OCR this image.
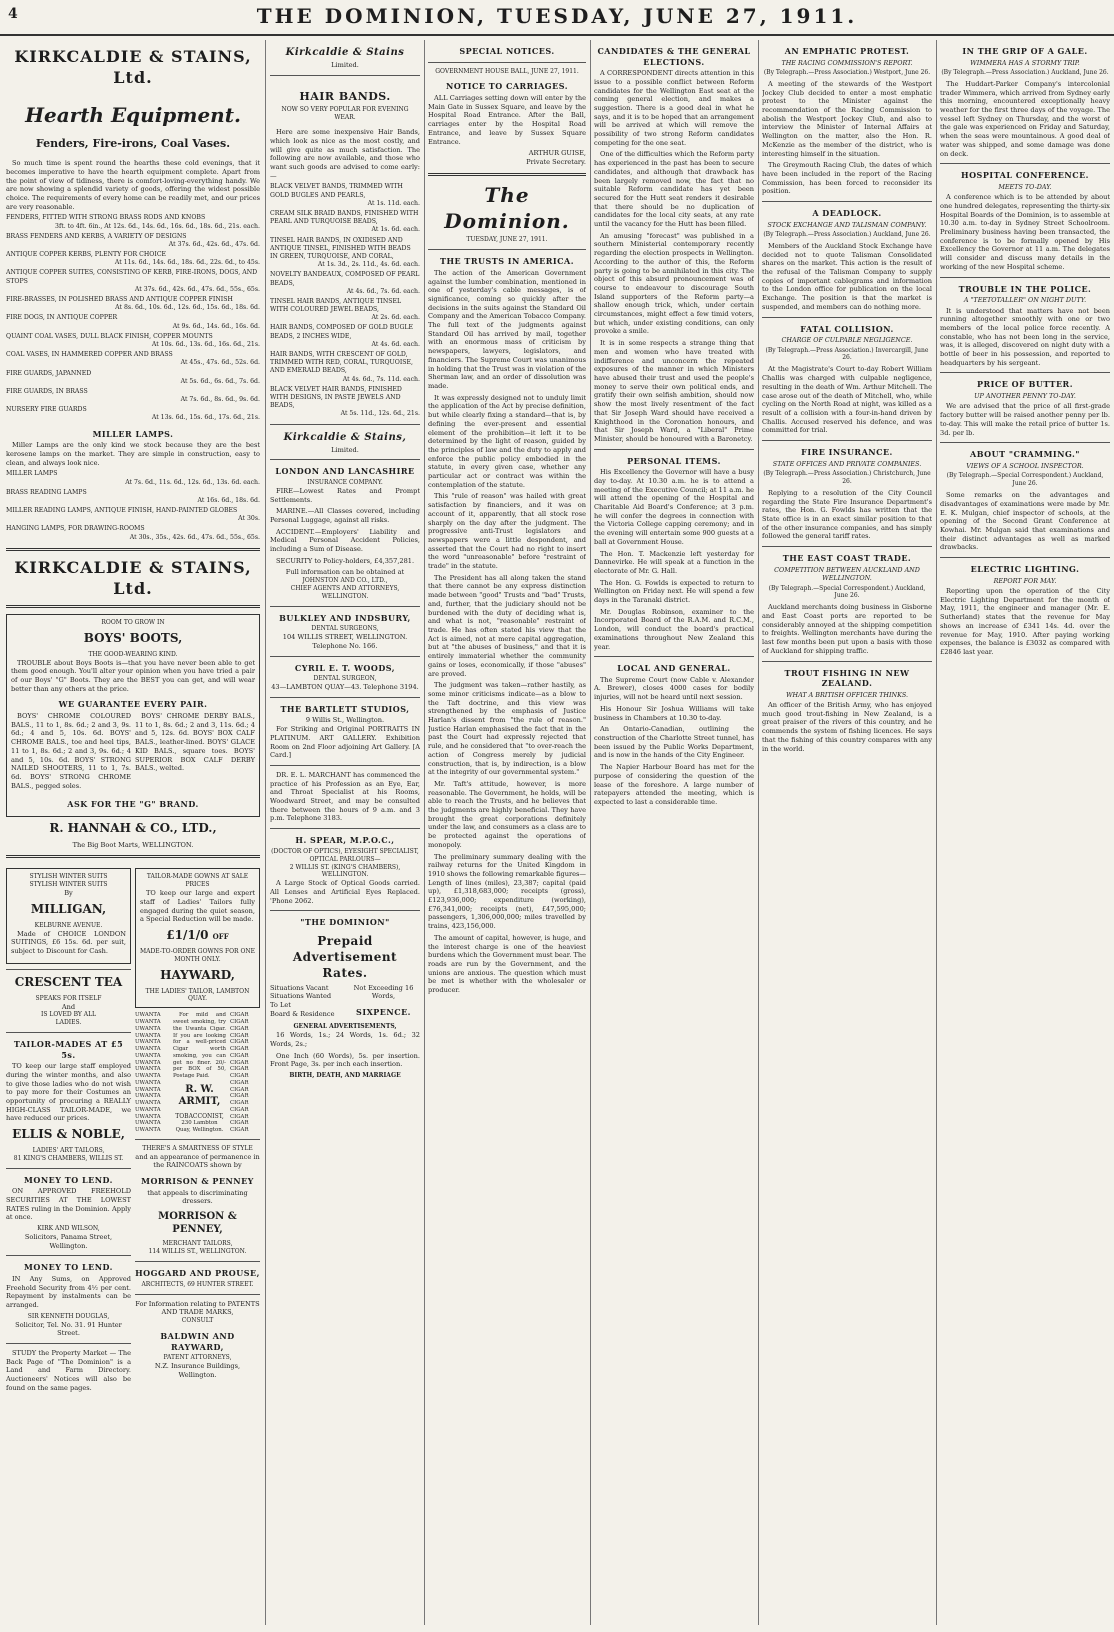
4	THE DOMINION, TUESDAY, JUNE 27, 1911.
KIRKCALDIE & STAINS, Ltd.
Hearth Equipment.
Fenders, Fire-irons, Coal Vases.

So much time is spent round the hearths these cold evenings, that it becomes imperative to have the hearth equipment complete. Apart from the point of view of tidiness, there is comfort-loving-everything handy. We are now showing a splendid variety of goods, offering the widest possible choice. The requirements of every home can be readily met, and our prices are very reasonable.

FENDERS, FITTED WITH STRONG BRASS RODS AND KNOBS
3ft. to 4ft. 6in., At 12s. 6d., 14s. 6d., 16s. 6d., 18s. 6d., 21s. each.
BRASS FENDERS AND KERBS, A VARIETY OF DESIGNS
At 37s. 6d., 42s. 6d., 47s. 6d.
ANTIQUE COPPER KERBS, PLENTY FOR CHOICE
At 11s. 6d., 14s. 6d., 18s. 6d., 22s. 6d., to 45s.
ANTIQUE COPPER SUITES, CONSISTING OF KERB, FIRE-IRONS, DOGS, AND STOPS
At 37s. 6d., 42s. 6d., 47s. 6d., 55s., 65s.
FIRE-BRASSES, IN POLISHED BRASS AND ANTIQUE COPPER FINISH
At 8s. 6d., 10s. 6d., 12s. 6d., 15s. 6d., 18s. 6d.
FIRE DOGS, IN ANTIQUE COPPER
At 9s. 6d., 14s. 6d., 16s. 6d.
QUAINT COAL VASES, DULL BLACK FINISH, COPPER MOUNTS
At 10s. 6d., 13s. 6d., 16s. 6d., 21s.
COAL VASES, IN HAMMERED COPPER AND BRASS
At 45s., 47s. 6d., 52s. 6d.
FIRE GUARDS, JAPANNED
At 5s. 6d., 6s. 6d., 7s. 6d.
FIRE GUARDS, IN BRASS
At 7s. 6d., 8s. 6d., 9s. 6d.
NURSERY FIRE GUARDS
At 13s. 6d., 15s. 6d., 17s. 6d., 21s.
MILLER LAMPS.

Miller Lamps are the only kind we stock because they are the best kerosene lamps on the market. They are simple in construction, easy to clean, and always look nice.

MILLER LAMPS
At 7s. 6d., 11s. 6d., 12s. 6d., 13s. 6d. each.
BRASS READING LAMPS
At 16s. 6d., 18s. 6d.
MILLER READING LAMPS, ANTIQUE FINISH, HAND-PAINTED GLOBES
At 30s.
HANGING LAMPS, FOR DRAWING-ROOMS
At 30s., 35s., 42s. 6d., 47s. 6d., 55s., 65s.
KIRKCALDIE & STAINS, Ltd.
ROOM TO GROW IN
BOYS' BOOTS,
THE GOOD-WEARING KIND.

TROUBLE about Boys Boots is—that you have never been able to get them good enough. You'll alter your opinion when you have tried a pair of our Boys' "G" Boots. They are the BEST you can get, and will wear better than any others at the price.

WE GUARANTEE EVERY PAIR.

BOYS' CHROME COLOURED BALS., 11 to 1, 8s. 6d.; 2 and 3, 9s. 6d.; 4 and 5, 10s. 6d. BOYS' CHROME BALS., toe and heel tips, 11 to 1, 8s. 6d.; 2 and 3, 9s. 6d.; 4 and 5, 10s. 6d. BOYS' STRONG NAILED SHOOTERS, 11 to 1, 7s. 6d. BOYS' STRONG CHROME BALS., pegged soles.

BOYS' CHROME DERBY BALS., 11 to 1, 8s. 6d.; 2 and 3, 11s. 6d.; 4 and 5, 12s. 6d. BOYS' BOX CALF BALS., leather-lined. BOYS' GLACE KID BALS., square toes. BOYS' SUPERIOR BOX CALF DERBY BALS., welted.

ASK FOR THE "G" BRAND.
R. HANNAH & CO., LTD.,
The Big Boot Marts, WELLINGTON.
STYLISH WINTER SUITS
STYLISH WINTER SUITS
By
MILLIGAN,
KELBURNE AVENUE.

Made of CHOICE LONDON SUITINGS, £6 15s. 6d. per suit, subject to Discount for Cash.

CRESCENT TEA
SPEAKS FOR ITSELF
And
IS LOVED BY ALL
LADIES.
TAILOR-MADES AT £5 5s.

TO keep our large staff employed during the winter months, and also to give those ladies who do not wish to pay more for their Costumes an opportunity of procuring a REALLY HIGH-CLASS TAILOR-MADE, we have reduced our prices.

ELLIS & NOBLE,
LADIES' ART TAILORS,
81 KING'S CHAMBERS, WILLIS ST.
MONEY TO LEND.

ON APPROVED FREEHOLD SECURITIES AT THE LOWEST RATES ruling in the Dominion. Apply at once.

KIRK AND WILSON,
Solicitors, Panama Street, Wellington.
MONEY TO LEND.

IN Any Sums, on Approved Freehold Security from 4½ per cent. Repayment by instalments can be arranged.

SIR KENNETH DOUGLAS,
Solicitor, Tel. No. 31. 91 Hunter Street.

STUDY the Property Market — The Back Page of "The Dominion" is a Land and Farm Directory. Auctioneers' Notices will also be found on the same pages.

TAILOR-MADE GOWNS AT SALE PRICES

TO keep our large and expert staff of Ladies' Tailors fully engaged during the quiet season, a Special Reduction will be made.

£1/1/0 OFF
MADE-TO-ORDER GOWNS FOR ONE MONTH ONLY.
HAYWARD,
THE LADIES' TAILOR, LAMBTON QUAY.
UWANTA
UWANTA
UWANTA
UWANTA
UWANTA
UWANTA
UWANTA
UWANTA
UWANTA
UWANTA
UWANTA
UWANTA
UWANTA
UWANTA
UWANTA
UWANTA
UWANTA
UWANTA

For mild and sweet smoking, try the Uwanta Cigar. If you are looking for a well-priced Cigar worth smoking, you can get no finer. 20/- per BOX of 50, Postage Paid.

R. W. ARMIT,
TOBACCONIST,
230 Lambton Quay, Wellington.
CIGAR
CIGAR
CIGAR
CIGAR
CIGAR
CIGAR
CIGAR
CIGAR
CIGAR
CIGAR
CIGAR
CIGAR
CIGAR
CIGAR
CIGAR
CIGAR
CIGAR
CIGAR
THERE'S A SMARTNESS OF STYLE
and an appearance of permanence in the RAINCOATS shown by
MORRISON & PENNEY
that appeals to discriminating dressers.
MORRISON & PENNEY,
MERCHANT TAILORS,
114 WILLIS ST., WELLINGTON.
HOGGARD AND PROUSE,
ARCHITECTS, 69 HUNTER STREET.
For Information relating to PATENTS AND TRADE MARKS,
CONSULT
BALDWIN AND RAYWARD,
PATENT ATTORNEYS,
N.Z. Insurance Buildings, Wellington.
Kirkcaldie & Stains
Limited.
HAIR BANDS.
NOW SO VERY POPULAR FOR EVENING WEAR.

Here are some inexpensive Hair Bands, which look as nice as the most costly, and will give quite as much satisfaction. The following are now available, and those who want such goods are advised to come early:—

BLACK VELVET BANDS, TRIMMED WITH GOLD BUGLES AND PEARLS,
At 1s. 11d. each.
CREAM SILK BRAID BANDS, FINISHED WITH PEARL AND TURQUOISE BEADS,
At 1s. 6d. each.
TINSEL HAIR BANDS, IN OXIDISED AND ANTIQUE TINSEL, FINISHED WITH BEADS IN GREEN, TURQUOISE, AND CORAL,
At 1s. 3d., 2s. 11d., 4s. 6d. each.
NOVELTY BANDEAUX, COMPOSED OF PEARL BEADS,
At 4s. 6d., 7s. 6d. each.
TINSEL HAIR BANDS, ANTIQUE TINSEL WITH COLOURED JEWEL BEADS,
At 2s. 6d. each.
HAIR BANDS, COMPOSED OF GOLD BUGLE BEADS, 2 INCHES WIDE,
At 4s. 6d. each.
HAIR BANDS, WITH CRESCENT OF GOLD, TRIMMED WITH RED, CORAL, TURQUOISE, AND EMERALD BEADS,
At 4s. 6d., 7s. 11d. each.
BLACK VELVET HAIR BANDS, FINISHED WITH DESIGNS, IN PASTE JEWELS AND BEADS,
At 5s. 11d., 12s. 6d., 21s.
Kirkcaldie & Stains,
Limited.
LONDON AND LANCASHIRE
INSURANCE COMPANY.

FIRE—Lowest Rates and Prompt Settlements.

MARINE.—All Classes covered, including Personal Luggage, against all risks.

ACCIDENT.—Employers' Liability and Medical Personal Accident Policies, including a Sum of Disease.

SECURITY to Policy-holders, £4,357,281.

Full information can be obtained at
JOHNSTON AND CO., LTD.,
CHIEF AGENTS AND ATTORNEYS, WELLINGTON.
BULKLEY AND INDSBURY,
DENTAL SURGEONS,
104 WILLIS STREET, WELLINGTON. Telephone No. 166.
CYRIL E. T. WOODS,
DENTAL SURGEON,
43—LAMBTON QUAY—43. Telephone 3194.
THE BARTLETT STUDIOS,
9 Willis St., Wellington.

For Striking and Original PORTRAITS IN PLATINUM. ART GALLERY. Exhibition Room on 2nd Floor adjoining Art Gallery. [A Card.]

DR. E. L. MARCHANT has commenced the practice of his Profession as an Eye, Ear, and Throat Specialist at his Rooms, Woodward Street, and may be consulted there between the hours of 9 a.m. and 3 p.m. Telephone 3183.

H. SPEAR, M.P.O.C.,
(DOCTOR OF OPTICS), EYESIGHT SPECIALIST, OPTICAL PARLOURS—
2 WILLIS ST. (KING'S CHAMBERS), WELLINGTON.

A Large Stock of Optical Goods carried. All Lenses and Artificial Eyes Replaced. 'Phone 2062.

"THE DOMINION"
Prepaid Advertisement Rates.
Situations Vacant
Situations Wanted
To Let
Board & Residence
Not Exceeding 16 Words,
SIXPENCE.
GENERAL ADVERTISEMENTS,

16 Words, 1s.; 24 Words, 1s. 6d.; 32 Words, 2s.;

One Inch (60 Words), 5s. per insertion. Front Page, 3s. per inch each insertion.

BIRTH, DEATH, AND MARRIAGE
SPECIAL NOTICES.
GOVERNMENT HOUSE BALL, JUNE 27, 1911.
NOTICE TO CARRIAGES.

ALL Carriages setting down will enter by the Main Gate in Sussex Square, and leave by the Hospital Road Entrance. After the Ball, carriages enter by the Hospital Road Entrance, and leave by Sussex Square Entrance.

ARTHUR GUISE,
Private Secretary.
The Dominion.
TUESDAY, JUNE 27, 1911.
THE TRUSTS IN AMERICA.

The action of the American Government against the lumber combination, mentioned in one of yesterday's cable messages, is of significance, coming so quickly after the decisions in the suits against the Standard Oil Company and the American Tobacco Company. The full text of the judgments against Standard Oil has arrived by mail, together with an enormous mass of criticism by newspapers, lawyers, legislators, and financiers. The Supreme Court was unanimous in holding that the Trust was in violation of the Sherman law, and an order of dissolution was made.

It was expressly designed not to unduly limit the application of the Act by precise definition, but while clearly fixing a standard—that is, by defining the ever-present and essential element of the prohibition—it left it to be determined by the light of reason, guided by the principles of law and the duty to apply and enforce the public policy embodied in the statute, in every given case, whether any particular act or contract was within the contemplation of the statute.

This "rule of reason" was hailed with great satisfaction by financiers, and it was on account of it, apparently, that all stock rose sharply on the day after the judgment. The progressive anti-Trust legislators and newspapers were a little despondent, and asserted that the Court had no right to insert the word "unreasonable" before "restraint of trade" in the statute.

The President has all along taken the stand that there cannot be any express distinction made between "good" Trusts and "bad" Trusts, and, further, that the judiciary should not be burdened with the duty of deciding what is, and what is not, "reasonable" restraint of trade. He has often stated his view that the Act is aimed, not at mere capital aggregation, but at "the abuses of business," and that it is entirely immaterial whether the community gains or loses, economically, if those "abuses" are proved.

The judgment was taken—rather hastily, as some minor criticisms indicate—as a blow to the Taft doctrine, and this view was strengthened by the emphasis of Justice Harlan's dissent from "the rule of reason." Justice Harlan emphasised the fact that in the past the Court had expressly rejected that rule, and he considered that "to over-reach the action of Congress merely by judicial construction, that is, by indirection, is a blow at the integrity of our governmental system."

Mr. Taft's attitude, however, is more reasonable. The Government, he holds, will be able to reach the Trusts, and he believes that the judgments are highly beneficial. They have brought the great corporations definitely under the law, and consumers as a class are to be protected against the operations of monopoly.

The preliminary summary dealing with the railway returns for the United Kingdom in 1910 shows the following remarkable figures—Length of lines (miles), 23,387; capital (paid up), £1,318,683,000; receipts (gross), £123,936,000; expenditure (working), £76,341,000; receipts (net), £47,595,000; passengers, 1,306,000,000; miles travelled by trains, 423,156,000.

The amount of capital, however, is huge, and the interest charge is one of the heaviest burdens which the Government must bear. The roads are run by the Government, and the unions are anxious. The question which must be met is whether with the wholesaler or producer.

CANDIDATES & THE GENERAL ELECTIONS.

A CORRESPONDENT directs attention in this issue to a possible conflict between Reform candidates for the Wellington East seat at the coming general election, and makes a suggestion. There is a good deal in what he says, and it is to be hoped that an arrangement will be arrived at which will remove the possibility of two strong Reform candidates competing for the one seat.

One of the difficulties which the Reform party has experienced in the past has been to secure candidates, and although that drawback has been largely removed now, the fact that no suitable Reform candidate has yet been secured for the Hutt seat renders it desirable that there should be no duplication of candidates for the local city seats, at any rate until the vacancy for the Hutt has been filled.

An amusing "forecast" was published in a southern Ministerial contemporary recently regarding the election prospects in Wellington. According to the author of this, the Reform party is going to be annihilated in this city. The object of this absurd pronouncement was of course to endeavour to discourage South Island supporters of the Reform party—a shallow enough trick, which, under certain circumstances, might effect a few timid voters, but which, under existing conditions, can only provoke a smile.

It is in some respects a strange thing that men and women who have treated with indifference and unconcern the repeated exposures of the manner in which Ministers have abused their trust and used the people's money to serve their own political ends, and gratify their own selfish ambition, should now show the most lively resentment of the fact that Sir Joseph Ward should have received a Knighthood in the Coronation honours, and that Sir Joseph Ward, a "Liberal" Prime Minister, should be honoured with a Baronetcy.

PERSONAL ITEMS.

His Excellency the Governor will have a busy day to-day. At 10.30 a.m. he is to attend a meeting of the Executive Council; at 11 a.m. he will attend the opening of the Hospital and Charitable Aid Board's Conference; at 3 p.m. he will confer the degrees in connection with the Victoria College capping ceremony; and in the evening will entertain some 900 guests at a ball at Government House.

The Hon. T. Mackenzie left yesterday for Dannevirke. He will speak at a function in the electorate of Mr. G. Hall.

The Hon. G. Fowlds is expected to return to Wellington on Friday next. He will spend a few days in the Taranaki district.

Mr. Douglas Robinson, examiner to the Incorporated Board of the R.A.M. and R.C.M., London, will conduct the board's practical examinations throughout New Zealand this year.

LOCAL AND GENERAL.

The Supreme Court (now Cable v. Alexander A. Brewer), closes 4000 cases for bodily injuries, will not be heard until next session.

His Honour Sir Joshua Williams will take business in Chambers at 10.30 to-day.

An Ontario-Canadian, outlining the construction of the Charlotte Street tunnel, has been issued by the Public Works Department, and is now in the hands of the City Engineer.

The Napier Harbour Board has met for the purpose of considering the question of the lease of the foreshore. A large number of ratepayers attended the meeting, which is expected to last a considerable time.

AN EMPHATIC PROTEST.
THE RACING COMMISSION'S REPORT.
(By Telegraph.—Press Association.) Westport, June 26.

A meeting of the stewards of the Westport Jockey Club decided to enter a most emphatic protest to the Minister against the recommendation of the Racing Commission to abolish the Westport Jockey Club, and also to interview the Minister of Internal Affairs at Wellington on the matter, also the Hon. R. McKenzie as the member of the district, who is interesting himself in the situation.

The Greymouth Racing Club, the dates of which have been included in the report of the Racing Commission, has been forced to reconsider its position.

A DEADLOCK.
STOCK EXCHANGE AND TALISMAN COMPANY.
(By Telegraph.—Press Association.) Auckland, June 26.

Members of the Auckland Stock Exchange have decided not to quote Talisman Consolidated shares on the market. This action is the result of the refusal of the Talisman Company to supply copies of important cablegrams and information to the London office for publication on the local Exchange. The position is that the market is suspended, and members can do nothing more.

FATAL COLLISION.
CHARGE OF CULPABLE NEGLIGENCE.
(By Telegraph.—Press Association.) Invercargill, June 26.

At the Magistrate's Court to-day Robert William Challis was charged with culpable negligence, resulting in the death of Wm. Arthur Mitchell. The case arose out of the death of Mitchell, who, while cycling on the North Road at night, was killed as a result of a collision with a four-in-hand driven by Challis. Accused reserved his defence, and was committed for trial.

FIRE INSURANCE.
STATE OFFICES AND PRIVATE COMPANIES.
(By Telegraph.—Press Association.) Christchurch, June 26.

Replying to a resolution of the City Council regarding the State Fire Insurance Department's rates, the Hon. G. Fowlds has written that the State office is in an exact similar position to that of the other insurance companies, and has simply followed the general tariff rates.

THE EAST COAST TRADE.
COMPETITION BETWEEN AUCKLAND AND WELLINGTON.
(By Telegraph.—Special Correspondent.) Auckland, June 26.

Auckland merchants doing business in Gisborne and East Coast ports are reported to be considerably annoyed at the shipping competition to freights. Wellington merchants have during the last few months been put upon a basis with those of Auckland for shipping traffic.

TROUT FISHING IN NEW ZEALAND.
WHAT A BRITISH OFFICER THINKS.

An officer of the British Army, who has enjoyed much good trout-fishing in New Zealand, is a great praiser of the rivers of this country, and he commends the system of fishing licences. He says that the fishing of this country compares with any in the world.

IN THE GRIP OF A GALE.
WIMMERA HAS A STORMY TRIP.
(By Telegraph.—Press Association.) Auckland, June 26.

The Huddart-Parker Company's intercolonial trader Wimmera, which arrived from Sydney early this morning, encountered exceptionally heavy weather for the first three days of the voyage. The vessel left Sydney on Thursday, and the worst of the gale was experienced on Friday and Saturday, when the seas were mountainous. A good deal of water was shipped, and some damage was done on deck.

HOSPITAL CONFERENCE.
MEETS TO-DAY.

A conference which is to be attended by about one hundred delegates, representing the thirty-six Hospital Boards of the Dominion, is to assemble at 10.30 a.m. to-day in Sydney Street Schoolroom. Preliminary business having been transacted, the conference is to be formally opened by His Excellency the Governor at 11 a.m. The delegates will consider and discuss many details in the working of the new Hospital scheme.

TROUBLE IN THE POLICE.
A "TEETOTALLER" ON NIGHT DUTY.

It is understood that matters have not been running altogether smoothly with one or two members of the local police force recently. A constable, who has not been long in the service, was, it is alleged, discovered on night duty with a bottle of beer in his possession, and reported to headquarters by his sergeant.

PRICE OF BUTTER.
UP ANOTHER PENNY TO-DAY.

We are advised that the price of all first-grade factory butter will be raised another penny per lb. to-day. This will make the retail price of butter 1s. 3d. per lb.

ABOUT "CRAMMING."
VIEWS OF A SCHOOL INSPECTOR.
(By Telegraph.—Special Correspondent.) Auckland, June 26.

Some remarks on the advantages and disadvantages of examinations were made by Mr. E. K. Mulgan, chief inspector of schools, at the opening of the Second Grant Conference at Kowhai. Mr. Mulgan said that examinations and their distinct advantages as well as marked drawbacks.

ELECTRIC LIGHTING.
REPORT FOR MAY.

Reporting upon the operation of the City Electric Lighting Department for the month of May, 1911, the engineer and manager (Mr. E. Sutherland) states that the revenue for May shows an increase of £341 14s. 4d. over the revenue for May, 1910. After paying working expenses, the balance is £3032 as compared with £2846 last year.
